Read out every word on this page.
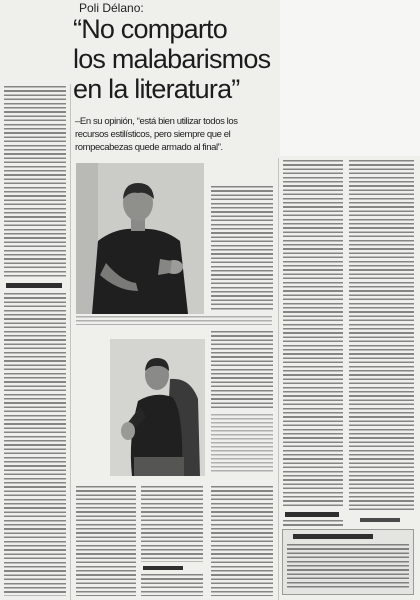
Poli Délano:
“No comparto
los malabarismos
en la literatura”
–En su opinión, “está bien utilizar todos los
recursos estilísticos, pero siempre que el
rompecabezas quede armado al final”.
